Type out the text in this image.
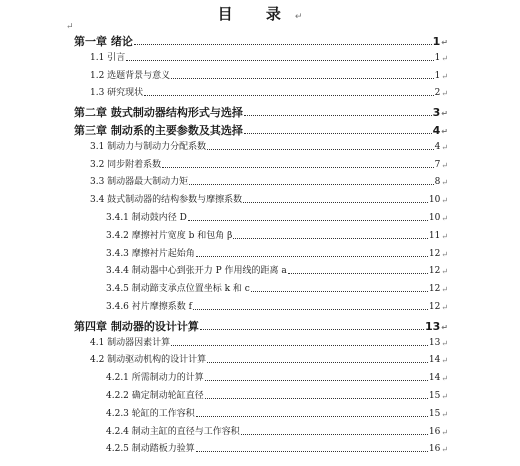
目 录↵
↵
第一章 绪论	1 ↵
1.1 引言	1 ↵
1.2 选题背景与意义	1 ↵
1.3 研究现状	2 ↵
第二章 鼓式制动器结构形式与选择	3 ↵
第三章 制动系的主要参数及其选择	4 ↵
3.1 制动力与制动力分配系数	4 ↵
3.2 同步附着系数	7 ↵
3.3 制动器最大制动力矩	8 ↵
3.4 鼓式制动器的结构参数与摩擦系数	10 ↵
3.4.1 制动鼓内径 D	10 ↵
3.4.2 摩擦衬片宽度 b 和包角 β	11 ↵
3.4.3 摩擦衬片起始角	12 ↵
3.4.4 制动器中心到张开力 P 作用线的距离 a	12 ↵
3.4.5 制动蹄支承点位置坐标 k 和 c	12 ↵
3.4.6 衬片摩擦系数 f	12 ↵
第四章 制动器的设计计算	13 ↵
4.1 制动器因素计算	13 ↵
4.2 制动驱动机构的设计计算	14 ↵
4.2.1 所需制动力的计算	14 ↵
4.2.2 确定制动轮缸直径	15 ↵
4.2.3 轮缸的工作容积	15 ↵
4.2.4 制动主缸的直径与工作容积	16 ↵
4.2.5 制动踏板力验算	16 ↵
